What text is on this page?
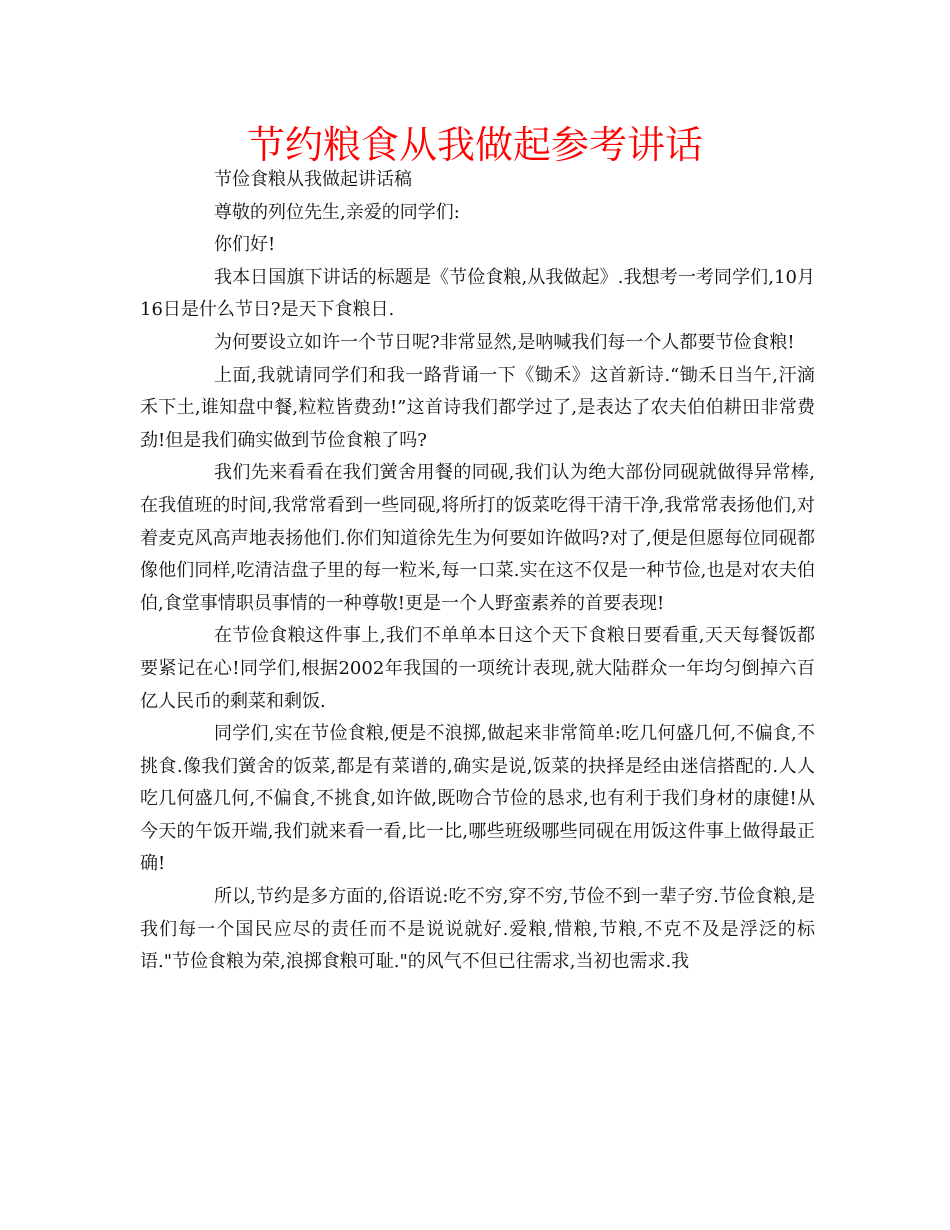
节约粮食从我做起参考讲话

节俭食粮从我做起讲话稿

尊敬的列位先生,亲爱的同学们:

你们好!

我本日国旗下讲话的标题是《节俭食粮,从我做起》.我想考一考同学们,10月16日是什么节日?是天下食粮日.

为何要设立如许一个节日呢?非常显然,是呐喊我们每一个人都要节俭食粮!

上面,我就请同学们和我一路背诵一下《锄禾》这首新诗.“锄禾日当午,汗滴禾下土,谁知盘中餐,粒粒皆费劲!”这首诗我们都学过了,是表达了农夫伯伯耕田非常费劲!但是我们确实做到节俭食粮了吗?

我们先来看看在我们黉舍用餐的同砚,我们认为绝大部份同砚就做得异常棒,在我值班的时间,我常常看到一些同砚,将所打的饭菜吃得干清干净,我常常表扬他们,对着麦克风高声地表扬他们.你们知道徐先生为何要如许做吗?对了,便是但愿每位同砚都像他们同样,吃清洁盘子里的每一粒米,每一口菜.实在这不仅是一种节俭,也是对农夫伯伯,食堂事情职员事情的一种尊敬!更是一个人野蛮素养的首要表现!

在节俭食粮这件事上,我们不单单本日这个天下食粮日要看重,天天每餐饭都要紧记在心!同学们,根据2002年我国的一项统计表现,就大陆群众一年均匀倒掉六百亿人民币的剩菜和剩饭.

同学们,实在节俭食粮,便是不浪掷,做起来非常简单:吃几何盛几何,不偏食,不挑食.像我们黉舍的饭菜,都是有菜谱的,确实是说,饭菜的抉择是经由迷信搭配的.人人吃几何盛几何,不偏食,不挑食,如许做,既吻合节俭的恳求,也有利于我们身材的康健!从今天的午饭开端,我们就来看一看,比一比,哪些班级哪些同砚在用饭这件事上做得最正确!

所以,节约是多方面的,俗语说:吃不穷,穿不穷,节俭不到一辈子穷.节俭食粮,是我们每一个国民应尽的责任而不是说说就好.爱粮,惜粮,节粮,不克不及是浮泛的标语."节俭食粮为荣,浪掷食粮可耻."的风气不但已往需求,当初也需求.我
